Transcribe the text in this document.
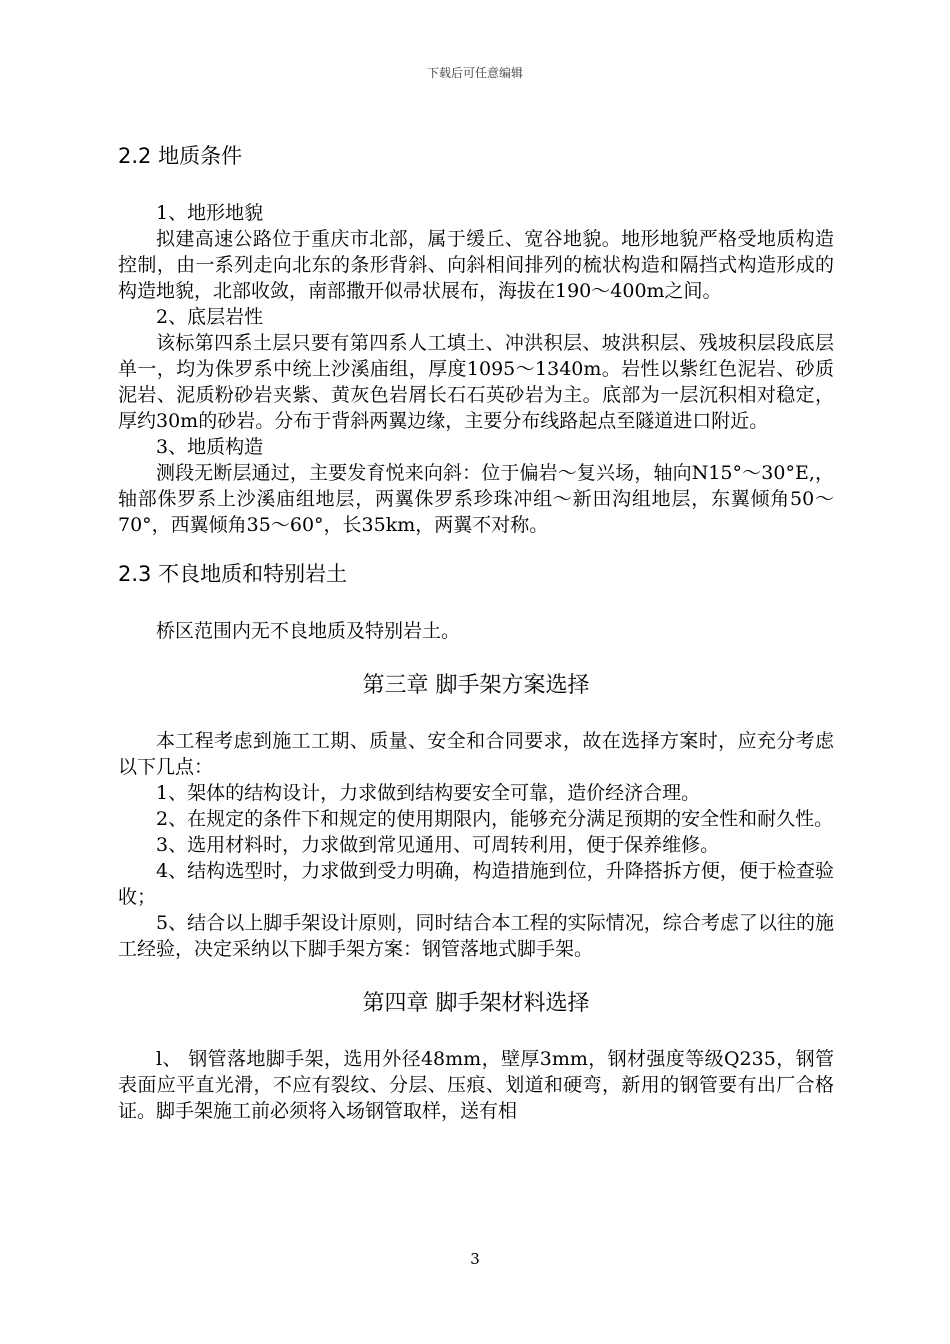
下载后可任意编辑
2.2 地质条件

1、地形地貌

拟建高速公路位于重庆市北部，属于缓丘、宽谷地貌。地形地貌严格受地质构造控制，由一系列走向北东的条形背斜、向斜相间排列的梳状构造和隔挡式构造形成的构造地貌，北部收敛，南部撒开似帚状展布，海拔在190～400m之间。

2、底层岩性

该标第四系土层只要有第四系人工填土、冲洪积层、坡洪积层、残坡积层段底层单一，均为侏罗系中统上沙溪庙组，厚度1095～1340m。岩性以紫红色泥岩、砂质泥岩、泥质粉砂岩夹紫、黄灰色岩屑长石石英砂岩为主。底部为一层沉积相对稳定，厚约30m的砂岩。分布于背斜两翼边缘，主要分布线路起点至隧道进口附近。

3、地质构造

测段无断层通过，主要发育悦来向斜：位于偏岩～复兴场，轴向N15°～30°E,，轴部侏罗系上沙溪庙组地层，两翼侏罗系珍珠冲组～新田沟组地层，东翼倾角50～70°，西翼倾角35～60°，长35km，两翼不对称。

2.3 不良地质和特别岩土

桥区范围内无不良地质及特别岩土。

第三章 脚手架方案选择

本工程考虑到施工工期、质量、安全和合同要求，故在选择方案时，应充分考虑以下几点：

1、架体的结构设计，力求做到结构要安全可靠，造价经济合理。

2、在规定的条件下和规定的使用期限内，能够充分满足预期的安全性和耐久性。

3、选用材料时，力求做到常见通用、可周转利用，便于保养维修。

4、结构选型时，力求做到受力明确，构造措施到位，升降搭拆方便，便于检查验收；

5、结合以上脚手架设计原则，同时结合本工程的实际情况，综合考虑了以往的施工经验，决定采纳以下脚手架方案：钢管落地式脚手架。

第四章 脚手架材料选择

l、 钢管落地脚手架，选用外径48mm，壁厚3mm，钢材强度等级Q235，钢管表面应平直光滑，不应有裂纹、分层、压痕、划道和硬弯，新用的钢管要有出厂合格证。脚手架施工前必须将入场钢管取样，送有相

3
